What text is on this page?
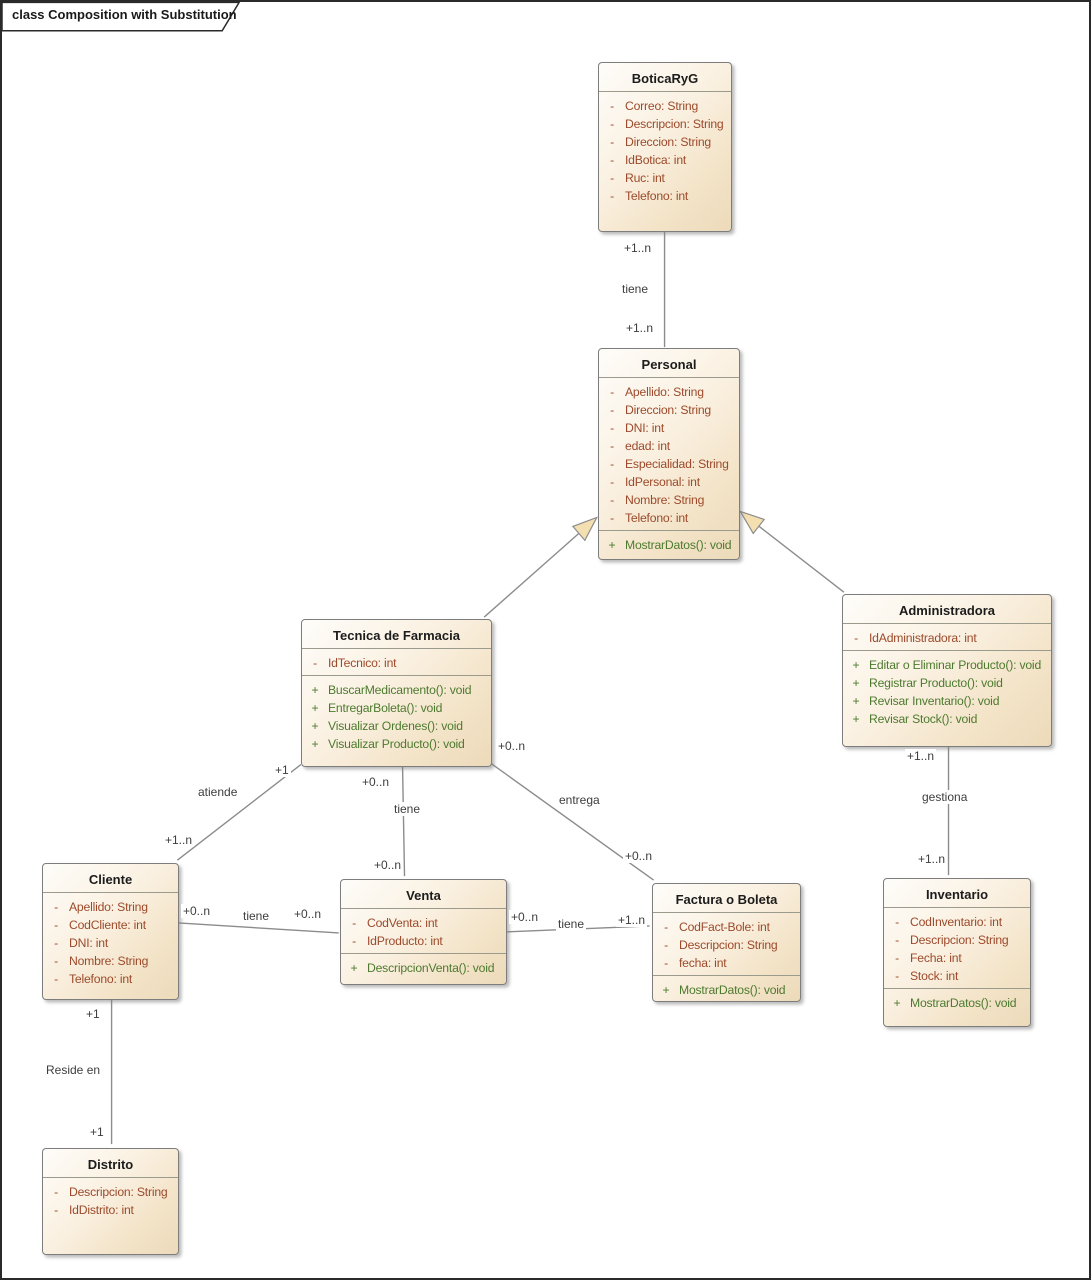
class Composition with Substitution
BoticaRyG
- Correo: String
- Descripcion: String
- Direccion: String
- IdBotica: int
- Ruc: int
- Telefono: int
Personal
- Apellido: String
- Direccion: String
- DNI: int
- edad: int
- Especialidad: String
- IdPersonal: int
- Nombre: String
- Telefono: int
+ MostrarDatos(): void
Tecnica de Farmacia
- IdTecnico: int
+ BuscarMedicamento(): void
+ EntregarBoleta(): void
+ Visualizar Ordenes(): void
+ Visualizar Producto(): void
Administradora
- IdAdministradora: int
+ Editar o Eliminar Producto(): void
+ Registrar Producto(): void
+ Revisar Inventario(): void
+ Revisar Stock(): void
Cliente
- Apellido: String
- CodCliente: int
- DNI: int
- Nombre: String
- Telefono: int
Venta
- CodVenta: int
- IdProducto: int
+ DescripcionVenta(): void
Factura o Boleta
- CodFact-Bole: int
- Descripcion: String
- fecha: int
+ MostrarDatos(): void
Inventario
- CodInventario: int
- Descripcion: String
- Fecha: int
- Stock: int
+ MostrarDatos(): void
Distrito
- Descripcion: String
- IdDistrito: int
+1..n
tiene
+1..n
+1
atiende
+1..n
+0..n
tiene
+0..n
+0..n
entrega
+0..n
+1..n
gestiona
+1..n
+0..n	tiene +0..n	+0..n tiene	+1..n
+1
Reside en
+1
